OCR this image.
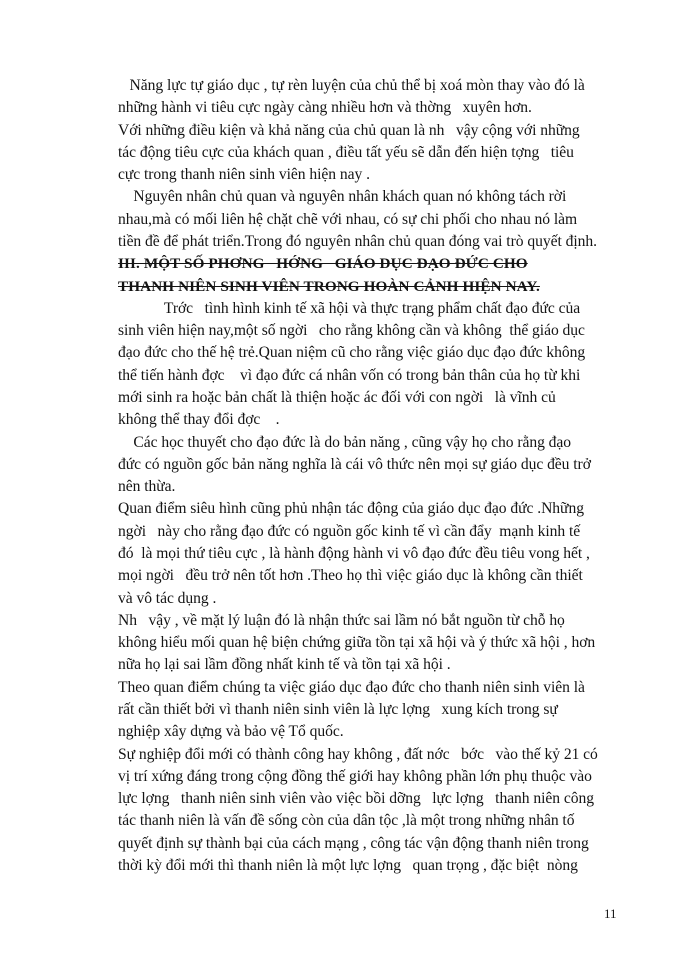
Năng lực tự giáo dục , tự rèn luyện của chủ thể bị xoá mòn thay vào đó là
những hành vi tiêu cực ngày càng nhiều hơn và thờng   xuyên hơn.
Với những điều kiện và khả năng của chủ quan là nh   vậy cộng với những
tác động tiêu cực của khách quan , điều tất yếu sẽ dẫn đến hiện tợng   tiêu
cực trong thanh niên sinh viên hiện nay .
Nguyên nhân chủ quan và nguyên nhân khách quan nó không tách rời
nhau,mà có mối liên hệ chặt chẽ với nhau, có sự chi phối cho nhau nó làm
tiền đề để phát triển.Trong đó nguyên nhân chủ quan đóng vai trò quyết định.
III. MỘT SỐ PHƠNG   HỚNG   GIÁO DỤC ĐẠO ĐỨC CHO
THANH NIÊN SINH VIÊN TRONG HOÀN CẢNH HIỆN NAY.
Trớc   tình hình kinh tế xã hội và thực trạng phẩm chất đạo đức của
sinh viên hiện nay,một số ngời   cho rằng không cần và không  thể giáo dục
đạo đức cho thế hệ trẻ.Quan niệm cũ cho rằng việc giáo dục đạo đức không
thể tiến hành đợc    vì đạo đức cá nhân vốn có trong bản thân của họ từ khi
mới sinh ra hoặc bản chất là thiện hoặc ác đối với con ngời   là vĩnh củ
không thể thay đổi đợc    .
Các học thuyết cho đạo đức là do bản năng , cũng vậy họ cho rằng đạo
đức có nguồn gốc bản năng nghĩa là cái vô thức nên mọi sự giáo dục đều trở
nên thừa.
Quan điểm siêu hình cũng phủ nhận tác động của giáo dục đạo đức .Những
ngời   này cho rằng đạo đức có nguồn gốc kinh tế vì cần đẩy  mạnh kinh tế
đó  là mọi thứ tiêu cực , là hành động hành vi vô đạo đức đều tiêu vong hết ,
mọi ngời   đều trở nên tốt hơn .Theo họ thì việc giáo dục là không cần thiết
và vô tác dụng .
Nh   vậy , về mặt lý luận đó là nhận thức sai lầm nó bắt nguồn từ chỗ họ
không hiểu mối quan hệ biện chứng giữa tồn tại xã hội và ý thức xã hội , hơn
nữa họ lại sai lầm đồng nhất kinh tế và tồn tại xã hội .
Theo quan điểm chúng ta việc giáo dục đạo đức cho thanh niên sinh viên là
rất cần thiết bởi vì thanh niên sinh viên là lực lợng   xung kích trong sự
nghiệp xây dựng và bảo vệ Tổ quốc.
Sự nghiệp đổi mới có thành công hay không , đất nớc   bớc   vào thế kỷ 21 có
vị trí xứng đáng trong cộng đồng thế giới hay không phần lớn phụ thuộc vào
lực lợng   thanh niên sinh viên vào việc bồi dỡng   lực lợng   thanh niên công
tác thanh niên là vấn đề sống còn của dân tộc ,là một trong những nhân tố
quyết định sự thành bại của cách mạng , công tác vận động thanh niên trong
thời kỳ đổi mới thì thanh niên là một lực lợng   quan trọng , đặc biệt  nòng
11
